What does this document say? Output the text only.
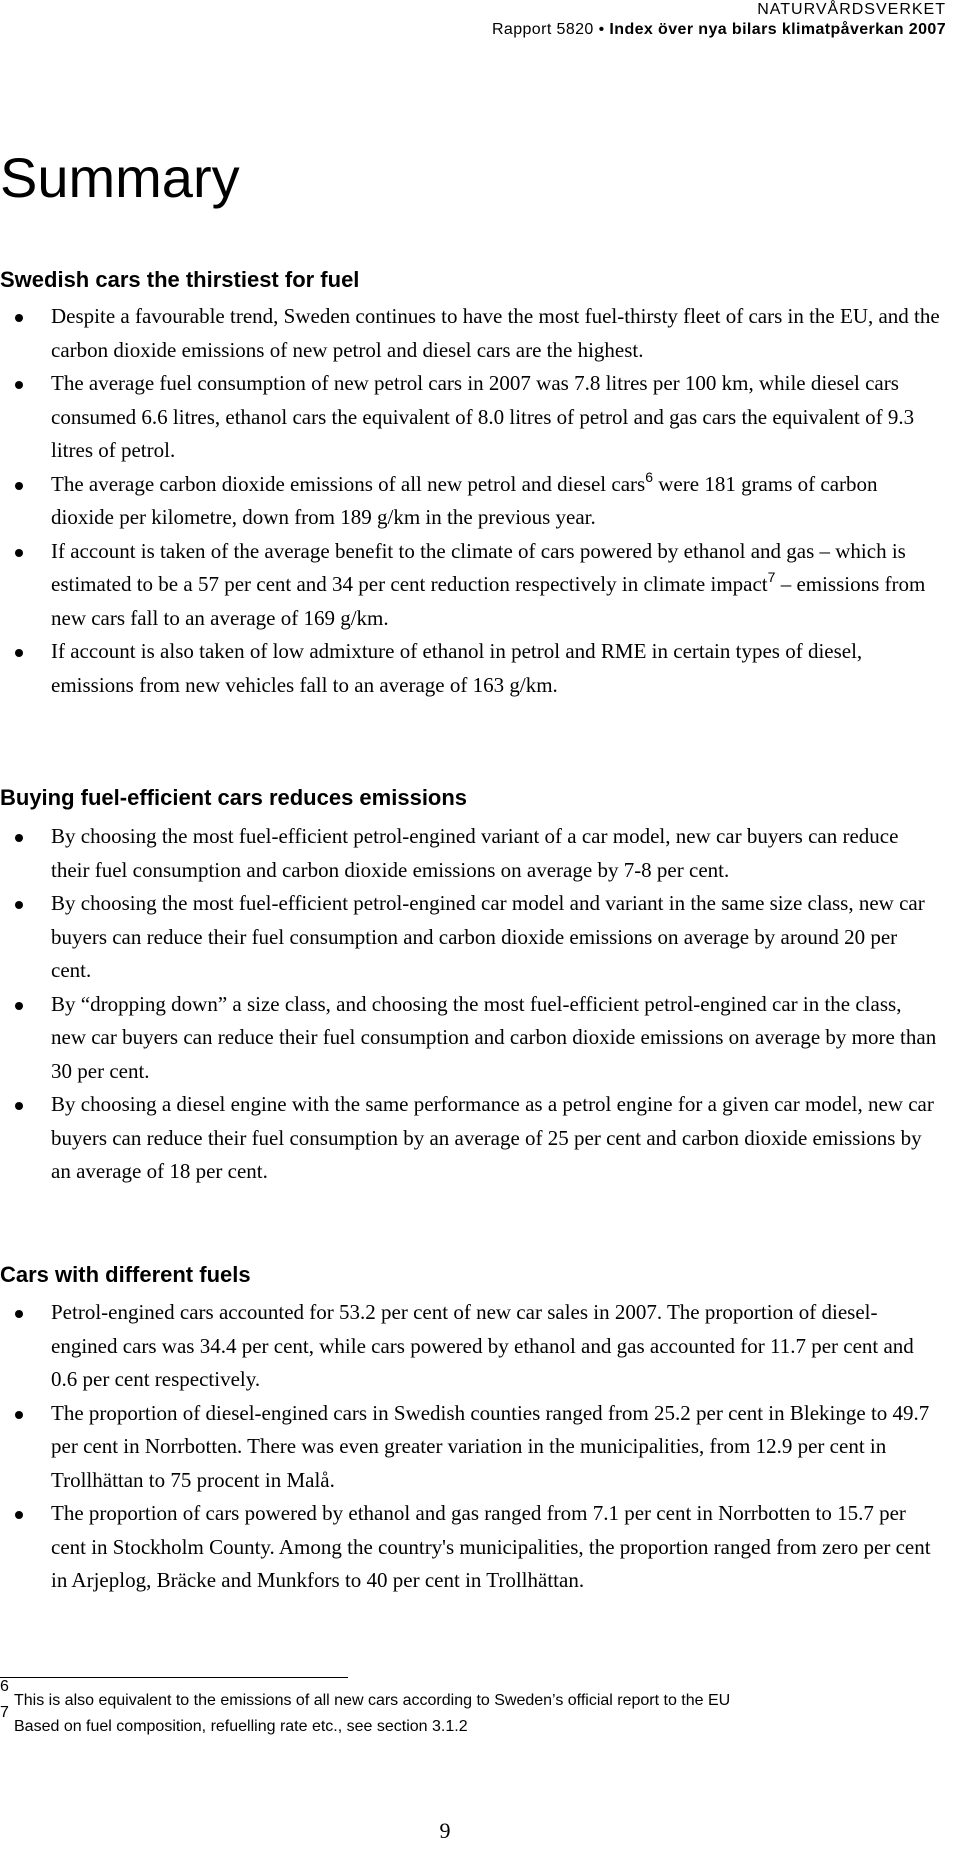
NATURVÅRDSVERKET
Rapport 5820 • Index över nya bilars klimatpåverkan 2007
Summary
Swedish cars the thirstiest for fuel
Despite a favourable trend, Sweden continues to have the most fuel-thirsty fleet of cars in the EU, and the carbon dioxide emissions of new petrol and diesel cars are the highest.
The average fuel consumption of new petrol cars in 2007 was 7.8 litres per 100 km, while diesel cars consumed 6.6 litres, ethanol cars the equivalent of 8.0 litres of petrol and gas cars the equivalent of 9.3 litres of petrol.
The average carbon dioxide emissions of all new petrol and diesel cars$^6$ were 181 grams of carbon dioxide per kilometre, down from 189 g/km in the previous year.
If account is taken of the average benefit to the climate of cars powered by ethanol and gas – which is estimated to be a 57 per cent and 34 per cent reduction respectively in climate impact$^7$ – emissions from new cars fall to an average of 169 g/km.
If account is also taken of low admixture of ethanol in petrol and RME in certain types of diesel, emissions from new vehicles fall to an average of 163 g/km.
Buying fuel-efficient cars reduces emissions
By choosing the most fuel-efficient petrol-engined variant of a car model, new car buyers can reduce their fuel consumption and carbon dioxide emissions on average by 7-8 per cent.
By choosing the most fuel-efficient petrol-engined car model and variant in the same size class, new car buyers can reduce their fuel consumption and carbon dioxide emissions on average by around 20 per cent.
By “dropping down” a size class, and choosing the most fuel-efficient petrol-engined car in the class, new car buyers can reduce their fuel consumption and carbon dioxide emissions on average by more than 30 per cent.
By choosing a diesel engine with the same performance as a petrol engine for a given car model, new car buyers can reduce their fuel consumption by an average of 25 per cent and carbon dioxide emissions by an average of 18 per cent.
Cars with different fuels
Petrol-engined cars accounted for 53.2 per cent of new car sales in 2007. The proportion of diesel-engined cars was 34.4 per cent, while cars powered by ethanol and gas accounted for 11.7 per cent and 0.6 per cent respectively.
The proportion of diesel-engined cars in Swedish counties ranged from 25.2 per cent in Blekinge to 49.7 per cent in Norrbotten. There was even greater variation in the municipalities, from 12.9 per cent in Trollhättan to 75 procent in Malå.
The proportion of cars powered by ethanol and gas ranged from 7.1 per cent in Norrbotten to 15.7 per cent in Stockholm County. Among the country's municipalities, the proportion ranged from zero per cent in Arjeplog, Bräcke and Munkfors to 40 per cent in Trollhättan.
6
This is also equivalent to the emissions of all new cars according to Sweden’s official report to the EU
7
Based on fuel composition, refuelling rate etc., see section 3.1.2
9
